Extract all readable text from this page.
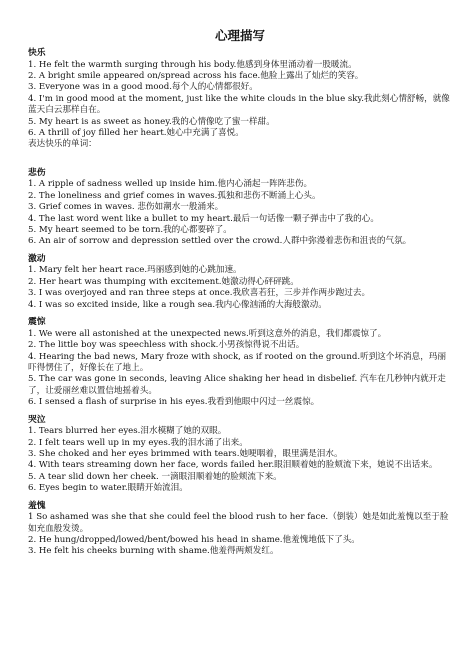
心理描写
快乐
1. He felt the warmth surging through his body.他感到身体里涌动着一股暖流。
2. A bright smile appeared on/spread across his face.他脸上露出了灿烂的笑容。
3. Everyone was in a good mood.每个人的心情都很好。
4. I'm in good mood at the moment, just like the white clouds in the blue sky.我此刻心情舒畅，就像蓝天白云那样自在。
5. My heart is as sweet as honey.我的心情像吃了蜜一样甜。
6. A thrill of joy filled her heart.她心中充满了喜悦。
表达快乐的单词：
悲伤
1. A ripple of sadness welled up inside him.他内心涌起一阵阵悲伤。
2. The loneliness and grief comes in waves.孤独和悲伤不断涌上心头。
3. Grief comes in waves. 悲伤如潮水一般涌来。
4. The last word went like a bullet to my heart.最后一句话像一颗子弹击中了我的心。
5. My heart seemed to be torn.我的心都要碎了。
6. An air of sorrow and depression settled over the crowd.人群中弥漫着悲伤和沮丧的气氛。
激动
1. Mary felt her heart race.玛丽感到她的心跳加速。
2. Her heart was thumping with excitement.她激动得心砰砰跳。
3. I was overjoyed and ran three steps at once.我欣喜若狂，三步并作两步跑过去。
4. I was so excited inside, like a rough sea.我内心像汹涌的大海般激动。
震惊
1. We were all astonished at the unexpected news.听到这意外的消息，我们都震惊了。
2. The little boy was speechless with shock.小男孩惊得说不出话。
4. Hearing the bad news, Mary froze with shock, as if rooted on the ground.听到这个坏消息，玛丽吓得愣住了，好像长在了地上。
5. The car was gone in seconds, leaving Alice shaking her head in disbelief. 汽车在几秒钟内就开走了，让爱丽丝难以置信地摇着头。
6. I sensed a flash of surprise in his eyes.我看到他眼中闪过一丝震惊。
哭泣
1. Tears blurred her eyes.泪水模糊了她的双眼。
2. I felt tears well up in my eyes.我的泪水涌了出来。
3. She choked and her eyes brimmed with tears.她哽咽着，眼里满是泪水。
4. With tears streaming down her face, words failed her.眼泪顺着她的脸颊流下来，她说不出话来。
5. A tear slid down her cheek. 一滴眼泪顺着她的脸颊流下来。
6. Eyes begin to water.眼睛开始流泪。
羞愧
1 So ashamed was she that she could feel the blood rush to her face.（倒装）她是如此羞愧以至于脸如充血般发烫。
2. He hung/dropped/lowed/bent/bowed his head in shame.他羞愧地低下了头。
3. He felt his cheeks burning with shame.他羞得两颊发红。
